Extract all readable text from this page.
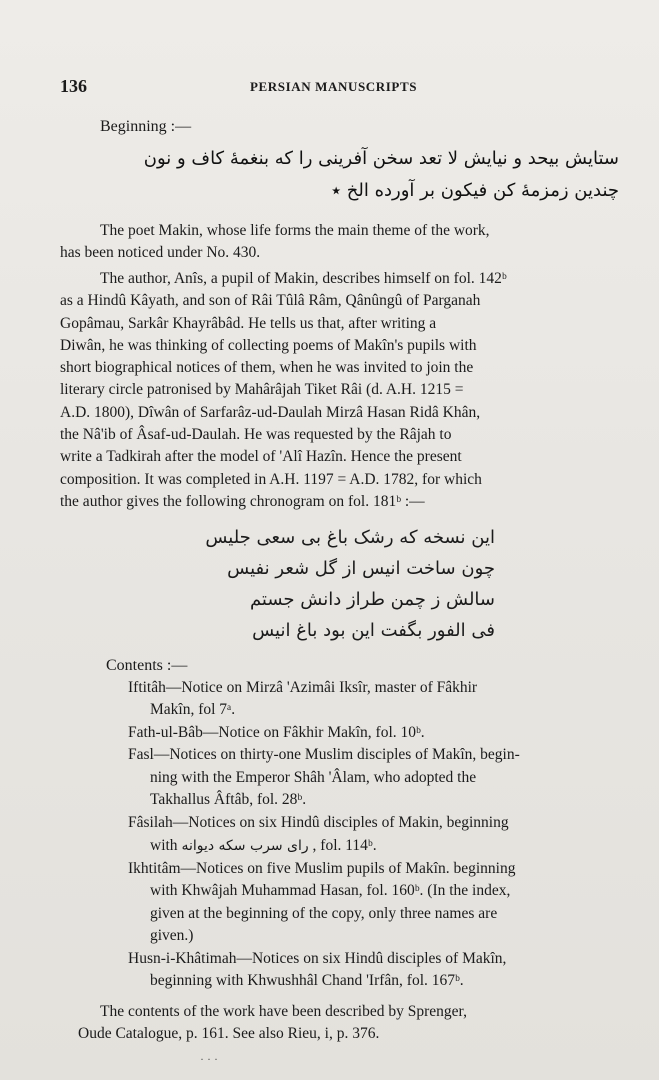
136	PERSIAN MANUSCRIPTS
Beginning :—
ستایش بیحد و نیایش لا تعد سخن آفرینی را که بنغمهٔ کاف و نون
چندین زمزمهٔ کن فیکون بر آورده الخ ٭
The poet Makin, whose life forms the main theme of the work,
has been noticed under No. 430.
The author, Anîs, a pupil of Makin, describes himself on fol. 142ᵇ
as a Hindû Kâyath, and son of Râi Tûlâ Râm, Qânûngû of Parganah
Gopâmau, Sarkâr Khayrâbâd. He tells us that, after writing a
Diwân, he was thinking of collecting poems of Makîn's pupils with
short biographical notices of them, when he was invited to join the
literary circle patronised by Mahârâjah Tiket Râi (d. A.H. 1215 =
A.D. 1800), Dîwân of Sarfarâz-ud-Daulah Mirzâ Hasan Ridâ Khân,
the Nâ'ib of Âsaf-ud-Daulah. He was requested by the Râjah to
write a Tadkirah after the model of 'Alî Hazîn. Hence the present
composition. It was completed in A.H. 1197 = A.D. 1782, for which
the author gives the following chronogram on fol. 181ᵇ :—
این نسخه که رشک باغ بی سعی جلیس
چون ساخت انیس از گل شعر نفیس
سالش ز چمن طراز دانش جستم
فی الفور بگفت این بود باغ انیس
Contents :—
Iftitâh—Notice on Mirzâ 'Azimâi Iksîr, master of Fâkhir
Makîn, fol 7ᵃ.
Fath-ul-Bâb—Notice on Fâkhir Makîn, fol. 10ᵇ.
Fasl—Notices on thirty-one Muslim disciples of Makîn, begin-
ning with the Emperor Shâh 'Âlam, who adopted the
Takhallus Âftâb, fol. 28ᵇ.
Fâsilah—Notices on six Hindû disciples of Makin, beginning
with راى سرب سكه ديوانه , fol. 114ᵇ.
Ikhtitâm—Notices on five Muslim pupils of Makîn. beginning
with Khwâjah Muhammad Hasan, fol. 160ᵇ. (In the index,
given at the beginning of the copy, only three names are
given.)
Husn-i-Khâtimah—Notices on six Hindû disciples of Makîn,
beginning with Khwushhâl Chand 'Irfân, fol. 167ᵇ.
The contents of the work have been described by Sprenger,
Oude Catalogue, p. 161. See also Rieu, i, p. 376.
· · ·
